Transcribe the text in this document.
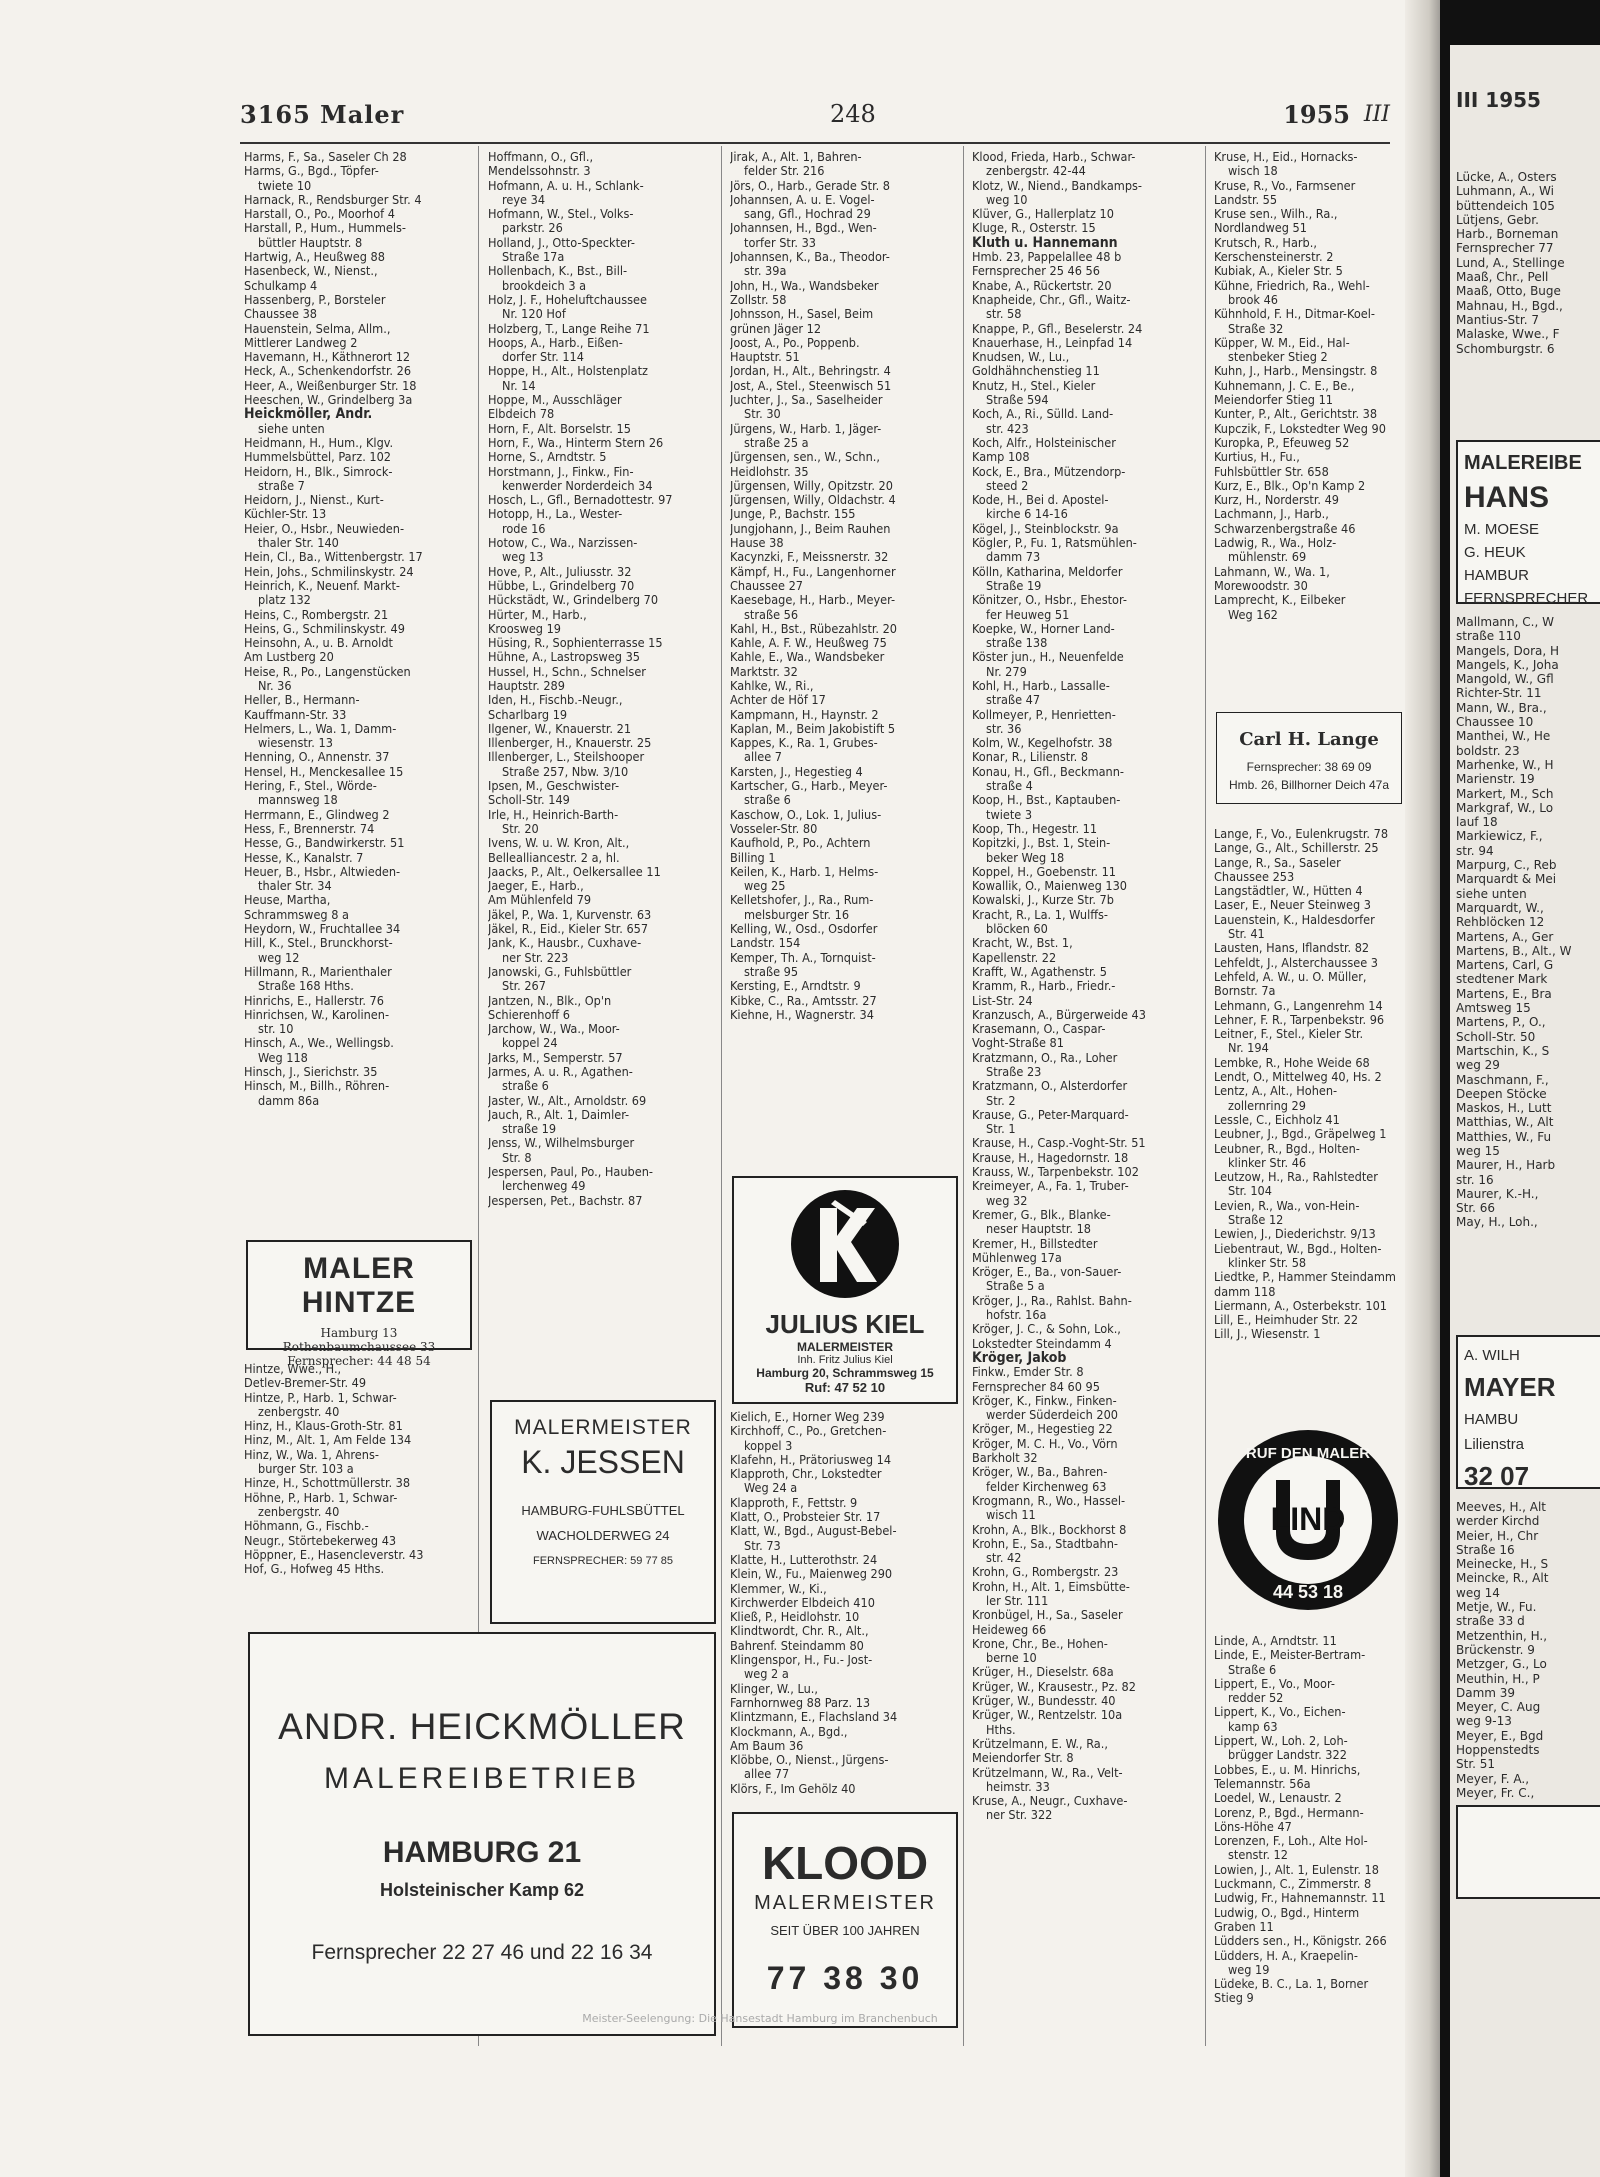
III 1955
Lücke, A., Osters
Luhmann, A., Wi
büttendeich 105
Lütjens, Gebr.
Harb., Borneman
Fernsprecher 77
Lund, A., Stellinge
Maaß, Chr., Pell
Maaß, Otto, Buge
Mahnau, H., Bgd.,
Mantius-Str. 7
Malaske, Wwe., F
Schomburgstr. 6
MALEREIBE
HANS
M. MOESE
G. HEUK
HAMBUR
FERNSPRECHER
Mallmann, C., W
straße 110
Mangels, Dora, H
Mangels, K., Joha
Mangold, W., Gfl
Richter-Str. 11
Mann, W., Bra.,
Chaussee 10
Manthei, W., He
boldstr. 23
Marhenke, W., H
Marienstr. 19
Markert, M., Sch
Markgraf, W., Lo
lauf 18
Markiewicz, F.,
str. 94
Marpurg, C., Reb
Marquardt & Mei
siehe unten
Marquardt, W.,
Rehblöcken 12
Martens, A., Ger
Martens, B., Alt., W
Martens, Carl, G
stedtener Mark
Martens, E., Bra
Amtsweg 15
Martens, P., O.,
Scholl-Str. 50
Martschin, K., S
weg 29
Maschmann, F.,
Deepen Stöcke
Maskos, H., Lutt
Matthias, W., Alt
Matthies, W., Fu
weg 15
Maurer, H., Harb
str. 16
Maurer, K.-H.,
Str. 66
May, H., Loh.,
A. WILH
MAYER
HAMBU
Lilienstra
32 07
Meeves, H., Alt
werder Kirchd
Meier, H., Chr
Straße 16
Meinecke, H., S
Meincke, R., Alt
weg 14
Metje, W., Fu.
straße 33 d
Metzenthin, H.,
Brückenstr. 9
Metzger, G., Lo
Meuthin, H., P
Damm 39
Meyer, C. Aug
weg 9-13
Meyer, E., Bgd
Hoppenstedts
Str. 51
Meyer, F. A.,
Meyer, Fr. C.,
3165 Maler	248	1955 III
Harms, F., Sa., Saseler Ch 28
Harms, G., Bgd., Töpfer-
twiete 10
Harnack, R., Rendsburger Str. 4
Harstall, O., Po., Moorhof 4
Harstall, P., Hum., Hummels-
büttler Hauptstr. 8
Hartwig, A., Heußweg 88
Hasenbeck, W., Nienst.,
Schulkamp 4
Hassenberg, P., Borsteler
Chaussee 38
Hauenstein, Selma, Allm.,
Mittlerer Landweg 2
Havemann, H., Käthnerort 12
Heck, A., Schenkendorfstr. 26
Heer, A., Weißenburger Str. 18
Heeschen, W., Grindelberg 3a
Heickmöller, Andr.
siehe unten
Heidmann, H., Hum., Klgv.
Hummelsbüttel, Parz. 102
Heidorn, H., Blk., Simrock-
straße 7
Heidorn, J., Nienst., Kurt-
Küchler-Str. 13
Heier, O., Hsbr., Neuwieden-
thaler Str. 140
Hein, Cl., Ba., Wittenbergstr. 17
Hein, Johs., Schmilinskystr. 24
Heinrich, K., Neuenf. Markt-
platz 132
Heins, C., Rombergstr. 21
Heins, G., Schmilinskystr. 49
Heinsohn, A., u. B. Arnoldt
Am Lustberg 20
Heise, R., Po., Langenstücken
Nr. 36
Heller, B., Hermann-
Kauffmann-Str. 33
Helmers, L., Wa. 1, Damm-
wiesenstr. 13
Henning, O., Annenstr. 37
Hensel, H., Menckesallee 15
Hering, F., Stel., Wörde-
mannsweg 18
Herrmann, E., Glindweg 2
Hess, F., Brennerstr. 74
Hesse, G., Bandwirkerstr. 51
Hesse, K., Kanalstr. 7
Heuer, B., Hsbr., Altwieden-
thaler Str. 34
Heuse, Martha,
Schrammsweg 8 a
Heydorn, W., Fruchtallee 34
Hill, K., Stel., Brunckhorst-
weg 12
Hillmann, R., Marienthaler
Straße 168 Hths.
Hinrichs, E., Hallerstr. 76
Hinrichsen, W., Karolinen-
str. 10
Hinsch, A., We., Wellingsb.
Weg 118
Hinsch, J., Sierichstr. 35
Hinsch, M., Billh., Röhren-
damm 86a
MALER HINTZE
Hamburg 13
Rothenbaumchaussee 33
Fernsprecher: 44 48 54
Hintze, Wwe., H.,
Detlev-Bremer-Str. 49
Hintze, P., Harb. 1, Schwar-
zenbergstr. 40
Hinz, H., Klaus-Groth-Str. 81
Hinz, M., Alt. 1, Am Felde 134
Hinz, W., Wa. 1, Ahrens-
burger Str. 103 a
Hinze, H., Schottmüllerstr. 38
Höhne, P., Harb. 1, Schwar-
zenbergstr. 40
Höhmann, G., Fischb.-
Neugr., Störtebekerweg 43
Höppner, E., Hasencleverstr. 43
Hof, G., Hofweg 45 Hths.
Hoffmann, O., Gfl.,
Mendelssohnstr. 3
Hofmann, A. u. H., Schlank-
reye 34
Hofmann, W., Stel., Volks-
parkstr. 26
Holland, J., Otto-Speckter-
Straße 17a
Hollenbach, K., Bst., Bill-
brookdeich 3 a
Holz, J. F., Hoheluftchaussee
Nr. 120 Hof
Holzberg, T., Lange Reihe 71
Hoops, A., Harb., Eißen-
dorfer Str. 114
Hoppe, H., Alt., Holstenplatz
Nr. 14
Hoppe, M., Ausschläger
Elbdeich 78
Horn, F., Alt. Borselstr. 15
Horn, F., Wa., Hinterm Stern 26
Horne, S., Arndtstr. 5
Horstmann, J., Finkw., Fin-
kenwerder Norderdeich 34
Hosch, L., Gfl., Bernadottestr. 97
Hotopp, H., La., Wester-
rode 16
Hotow, C., Wa., Narzissen-
weg 13
Hove, P., Alt., Juliusstr. 32
Hübbe, L., Grindelberg 70
Hückstädt, W., Grindelberg 70
Hürter, M., Harb.,
Kroosweg 19
Hüsing, R., Sophienterrasse 15
Hühne, A., Lastropsweg 35
Hussel, H., Schn., Schnelser
Hauptstr. 289
Iden, H., Fischb.-Neugr.,
Scharlbarg 19
Ilgener, W., Knauerstr. 21
Illenberger, H., Knauerstr. 25
Illenberger, L., Steilshooper
Straße 257, Nbw. 3/10
Ipsen, M., Geschwister-
Scholl-Str. 149
Irle, H., Heinrich-Barth-
Str. 20
Ivens, W. u. W. Kron, Alt.,
Bellealliancestr. 2 a, hl.
Jaacks, P., Alt., Oelkersallee 11
Jaeger, E., Harb.,
Am Mühlenfeld 79
Jäkel, P., Wa. 1, Kurvenstr. 63
Jäkel, R., Eid., Kieler Str. 657
Jank, K., Hausbr., Cuxhave-
ner Str. 223
Janowski, G., Fuhlsbüttler
Str. 267
Jantzen, N., Blk., Op'n
Schierenhoff 6
Jarchow, W., Wa., Moor-
koppel 24
Jarks, M., Semperstr. 57
Jarmes, A. u. R., Agathen-
straße 6
Jaster, W., Alt., Arnoldstr. 69
Jauch, R., Alt. 1, Daimler-
straße 19
Jenss, W., Wilhelmsburger
Str. 8
Jespersen, Paul, Po., Hauben-
lerchenweg 49
Jespersen, Pet., Bachstr. 87
MALERMEISTER
K. JESSEN
HAMBURG-FUHLSBÜTTEL
WACHOLDERWEG 24
FERNSPRECHER: 59 77 85
ANDR. HEICKMÖLLER
MALEREIBETRIEB
HAMBURG 21
Holsteinischer Kamp 62
Fernsprecher 22 27 46 und 22 16 34
Jirak, A., Alt. 1, Bahren-
felder Str. 216
Jörs, O., Harb., Gerade Str. 8
Johannsen, A. u. E. Vogel-
sang, Gfl., Hochrad 29
Johannsen, H., Bgd., Wen-
torfer Str. 33
Johannsen, K., Ba., Theodor-
str. 39a
John, H., Wa., Wandsbeker
Zollstr. 58
Johnsson, H., Sasel, Beim
grünen Jäger 12
Joost, A., Po., Poppenb.
Hauptstr. 51
Jordan, H., Alt., Behringstr. 4
Jost, A., Stel., Steenwisch 51
Juchter, J., Sa., Saselheider
Str. 30
Jürgens, W., Harb. 1, Jäger-
straße 25 a
Jürgensen, sen., W., Schn.,
Heidlohstr. 35
Jürgensen, Willy, Opitzstr. 20
Jürgensen, Willy, Oldachstr. 4
Junge, P., Bachstr. 155
Jungjohann, J., Beim Rauhen
Hause 38
Kacynzki, F., Meissnerstr. 32
Kämpf, H., Fu., Langenhorner
Chaussee 27
Kaesebage, H., Harb., Meyer-
straße 56
Kahl, H., Bst., Rübezahlstr. 20
Kahle, A. F. W., Heußweg 75
Kahle, E., Wa., Wandsbeker
Marktstr. 32
Kahlke, W., Ri.,
Achter de Höf 17
Kampmann, H., Haynstr. 2
Kaplan, M., Beim Jakobistift 5
Kappes, K., Ra. 1, Grubes-
allee 7
Karsten, J., Hegestieg 4
Kartscher, G., Harb., Meyer-
straße 6
Kaschow, O., Lok. 1, Julius-
Vosseler-Str. 80
Kaufhold, P., Po., Achtern
Billing 1
Keilen, K., Harb. 1, Helms-
weg 25
Kelletshofer, J., Ra., Rum-
melsburger Str. 16
Kelling, W., Osd., Osdorfer
Landstr. 154
Kemper, Th. A., Tornquist-
straße 95
Kersting, E., Arndtstr. 9
Kibke, C., Ra., Amtsstr. 27
Kiehne, H., Wagnerstr. 34
JULIUS KIEL
MALERMEISTER
Inh. Fritz Julius Kiel
Hamburg 20, Schrammsweg 15
Ruf: 47 52 10
Kielich, E., Horner Weg 239
Kirchhoff, C., Po., Gretchen-
koppel 3
Klafehn, H., Prätoriusweg 14
Klapproth, Chr., Lokstedter
Weg 24 a
Klapproth, F., Fettstr. 9
Klatt, O., Probsteier Str. 17
Klatt, W., Bgd., August-Bebel-
Str. 73
Klatte, H., Lutterothstr. 24
Klein, W., Fu., Maienweg 290
Klemmer, W., Ki.,
Kirchwerder Elbdeich 410
Kließ, P., Heidlohstr. 10
Klindtwordt, Chr. R., Alt.,
Bahrenf. Steindamm 80
Klingenspor, H., Fu.- Jost-
weg 2 a
Klinger, W., Lu.,
Farnhornweg 88 Parz. 13
Klintzmann, E., Flachsland 34
Klockmann, A., Bgd.,
Am Baum 36
Klöbbe, O., Nienst., Jürgens-
allee 77
Klörs, F., Im Gehölz 40
KLOOD
MALERMEISTER
SEIT ÜBER 100 JAHREN
77 38 30
Klood, Frieda, Harb., Schwar-
zenbergstr. 42-44
Klotz, W., Niend., Bandkamps-
weg 10
Klüver, G., Hallerplatz 10
Kluge, R., Osterstr. 15
Kluth u. Hannemann
Hmb. 23, Pappelallee 48 b
Fernsprecher 25 46 56
Knabe, A., Rückertstr. 20
Knapheide, Chr., Gfl., Waitz-
str. 58
Knappe, P., Gfl., Beselerstr. 24
Knauerhase, H., Leinpfad 14
Knudsen, W., Lu.,
Goldhähnchenstieg 11
Knutz, H., Stel., Kieler
Straße 594
Koch, A., Ri., Sülld. Land-
str. 423
Koch, Alfr., Holsteinischer
Kamp 108
Kock, E., Bra., Mützendorp-
steed 2
Kode, H., Bei d. Apostel-
kirche 6 14-16
Kögel, J., Steinblockstr. 9a
Kögler, P., Fu. 1, Ratsmühlen-
damm 73
Kölln, Katharina, Meldorfer
Straße 19
Könitzer, O., Hsbr., Ehestor-
fer Heuweg 51
Koepke, W., Horner Land-
straße 138
Köster jun., H., Neuenfelde
Nr. 279
Kohl, H., Harb., Lassalle-
straße 47
Kollmeyer, P., Henrietten-
str. 36
Kolm, W., Kegelhofstr. 38
Konar, R., Lilienstr. 8
Konau, H., Gfl., Beckmann-
straße 4
Koop, H., Bst., Kaptauben-
twiete 3
Koop, Th., Hegestr. 11
Kopitzki, J., Bst. 1, Stein-
beker Weg 18
Koppel, H., Goebenstr. 11
Kowallik, O., Maienweg 130
Kowalski, J., Kurze Str. 7b
Kracht, R., La. 1, Wulffs-
blöcken 60
Kracht, W., Bst. 1,
Kapellenstr. 22
Krafft, W., Agathenstr. 5
Kramm, R., Harb., Friedr.-
List-Str. 24
Kranzusch, A., Bürgerweide 43
Krasemann, O., Caspar-
Voght-Straße 81
Kratzmann, O., Ra., Loher
Straße 23
Kratzmann, O., Alsterdorfer
Str. 2
Krause, G., Peter-Marquard-
Str. 1
Krause, H., Casp.-Voght-Str. 51
Krause, H., Hagedornstr. 18
Krauss, W., Tarpenbekstr. 102
Kreimeyer, A., Fa. 1, Truber-
weg 32
Kremer, G., Blk., Blanke-
neser Hauptstr. 18
Kremer, H., Billstedter
Mühlenweg 17a
Kröger, E., Ba., von-Sauer-
Straße 5 a
Kröger, J., Ra., Rahlst. Bahn-
hofstr. 16a
Kröger, J. C., & Sohn, Lok.,
Lokstedter Steindamm 4
Kröger, Jakob
Finkw., Emder Str. 8
Fernsprecher 84 60 95
Kröger, K., Finkw., Finken-
werder Süderdeich 200
Kröger, M., Hegestieg 22
Kröger, M. C. H., Vo., Vörn
Barkholt 32
Kröger, W., Ba., Bahren-
felder Kirchenweg 63
Krogmann, R., Wo., Hassel-
wisch 11
Krohn, A., Blk., Bockhorst 8
Krohn, E., Sa., Stadtbahn-
str. 42
Krohn, G., Rombergstr. 23
Krohn, H., Alt. 1, Eimsbütte-
ler Str. 111
Kronbügel, H., Sa., Saseler
Heideweg 66
Krone, Chr., Be., Hohen-
berne 10
Krüger, H., Dieselstr. 68a
Krüger, W., Krausestr., Pz. 82
Krüger, W., Bundesstr. 40
Krüger, W., Rentzelstr. 10a
Hths.
Krützelmann, E. W., Ra.,
Meiendorfer Str. 8
Krützelmann, W., Ra., Velt-
heimstr. 33
Kruse, A., Neugr., Cuxhave-
ner Str. 322
Kruse, H., Eid., Hornacks-
wisch 18
Kruse, R., Vo., Farmsener
Landstr. 55
Kruse sen., Wilh., Ra.,
Nordlandweg 51
Krutsch, R., Harb.,
Kerschensteinerstr. 2
Kubiak, A., Kieler Str. 5
Kühne, Friedrich, Ra., Wehl-
brook 46
Kühnhold, F. H., Ditmar-Koel-
Straße 32
Küpper, W. M., Eid., Hal-
stenbeker Stieg 2
Kuhn, J., Harb., Mensingstr. 8
Kuhnemann, J. C. E., Be.,
Meiendorfer Stieg 11
Kunter, P., Alt., Gerichtstr. 38
Kupczik, F., Lokstedter Weg 90
Kuropka, P., Efeuweg 52
Kurtius, H., Fu.,
Fuhlsbüttler Str. 658
Kurz, E., Blk., Op'n Kamp 2
Kurz, H., Norderstr. 49
Lachmann, J., Harb.,
Schwarzenbergstraße 46
Ladwig, R., Wa., Holz-
mühlenstr. 69
Lahmann, W., Wa. 1,
Morewoodstr. 30
Lamprecht, K., Eilbeker
Weg 162
Carl H. Lange
Fernsprecher: 38 69 09
Hmb. 26, Billhorner Deich 47a
Lange, F., Vo., Eulenkrugstr. 78
Lange, G., Alt., Schillerstr. 25
Lange, R., Sa., Saseler
Chaussee 253
Langstädtler, W., Hütten 4
Laser, E., Neuer Steinweg 3
Lauenstein, K., Haldesdorfer
Str. 41
Lausten, Hans, Iflandstr. 82
Lehfeldt, J., Alsterchaussee 3
Lehfeld, A. W., u. O. Müller,
Bornstr. 7a
Lehmann, G., Langenrehm 14
Lehner, F. R., Tarpenbekstr. 96
Leitner, F., Stel., Kieler Str.
Nr. 194
Lembke, R., Hohe Weide 68
Lendt, O., Mittelweg 40, Hs. 2
Lentz, A., Alt., Hohen-
zollernring 29
Lessle, C., Eichholz 41
Leubner, J., Bgd., Gräpelweg 1
Leubner, R., Bgd., Holten-
klinker Str. 46
Leutzow, H., Ra., Rahlstedter
Str. 104
Levien, R., Wa., von-Hein-
Straße 12
Lewien, J., Diederichstr. 9/13
Liebentraut, W., Bgd., Holten-
klinker Str. 58
Liedtke, P., Hammer Steindamm
damm 118
Liermann, A., Osterbekstr. 101
Lill, E., Heimhuder Str. 22
Lill, J., Wiesenstr. 1
LIND
RUF DEN MALER
44 53 18
Linde, A., Arndtstr. 11
Linde, E., Meister-Bertram-
Straße 6
Lippert, E., Vo., Moor-
redder 52
Lippert, K., Vo., Eichen-
kamp 63
Lippert, W., Loh. 2, Loh-
brügger Landstr. 322
Lobbes, E., u. M. Hinrichs,
Telemannstr. 56a
Loedel, W., Lenaustr. 2
Lorenz, P., Bgd., Hermann-
Löns-Höhe 47
Lorenzen, F., Loh., Alte Hol-
stenstr. 12
Lowien, J., Alt. 1, Eulenstr. 18
Luckmann, C., Zimmerstr. 8
Ludwig, Fr., Hahnemannstr. 11
Ludwig, O., Bgd., Hinterm
Graben 11
Lüdders sen., H., Königstr. 266
Lüdders, H. A., Kraepelin-
weg 19
Lüdeke, B. C., La. 1, Borner
Stieg 9
Meister-Seelengung: Die Hansestadt Hamburg im Branchenbuch
